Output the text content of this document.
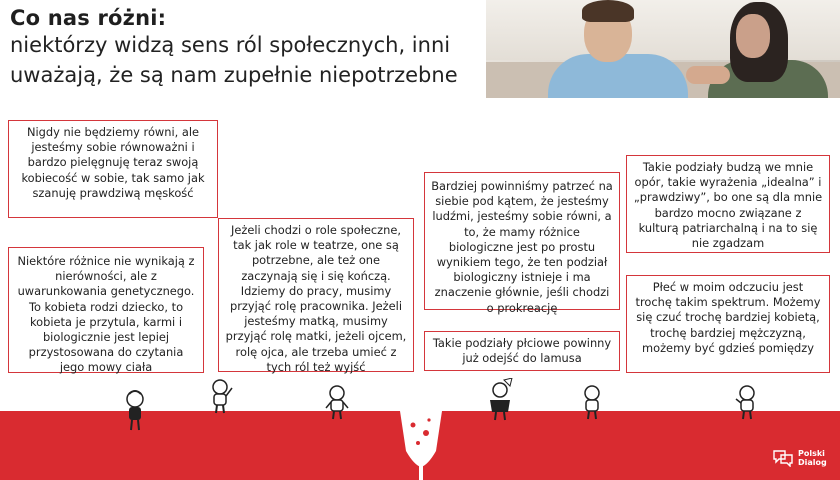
Co nas różni:

niektórzy widzą sens ról społecznych, inni

uważają, że są nam zupełnie niepotrzebne

Nigdy nie będziemy równi, ale jesteśmy sobie równoważni i bardzo pielęgnuję teraz swoją kobiecość w sobie, tak samo jak szanuję prawdziwą męskość
Niektóre różnice nie wynikają z nierówności, ale z uwarunkowania genetycznego. To kobieta rodzi dziecko, to kobieta je przytula, karmi i biologicznie jest lepiej przystosowana do czytania jego mowy ciała
Jeżeli chodzi o role społeczne, tak jak role w teatrze, one są potrzebne, ale też one zaczynają się i się kończą. Idziemy do pracy, musimy przyjąć rolę pracownika. Jeżeli jesteśmy matką, musimy przyjąć rolę matki, jeżeli ojcem, rolę ojca, ale trzeba umieć z tych ról też wyjść
Bardziej powinniśmy patrzeć na siebie pod kątem, że jesteśmy ludźmi, jesteśmy sobie równi, a to, że mamy różnice biologiczne jest po prostu wynikiem tego, że ten podział biologiczny istnieje i ma znaczenie głównie, jeśli chodzi o prokreację
Takie podziały płciowe powinny już odejść do lamusa
Takie podziały budzą we mnie opór, takie wyrażenia „idealna” i „prawdziwy”, bo one są dla mnie bardzo mocno związane z kulturą patriarchalną i na to się nie zgadzam
Płeć w moim odczuciu jest trochę takim spektrum. Możemy się czuć trochę bardziej kobietą, trochę bardziej mężczyzną, możemy być gdzieś pomiędzy
Polski
Dialog
